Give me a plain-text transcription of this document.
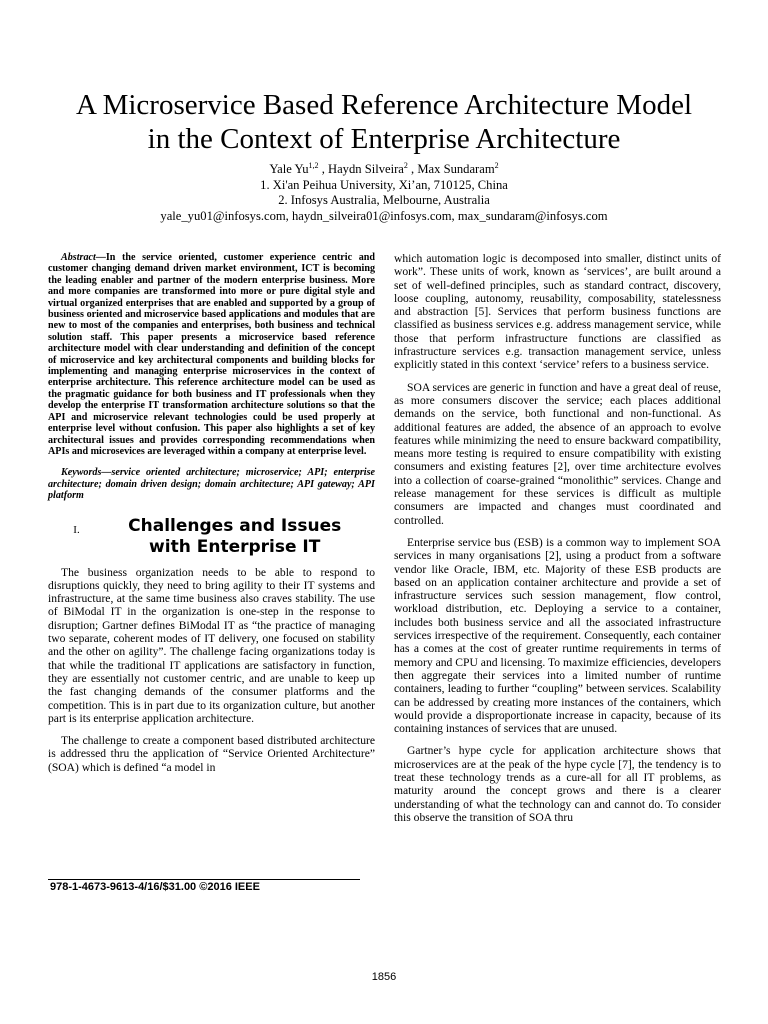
A Microservice Based Reference Architecture Model
in the Context of Enterprise Architecture
Yale Yu$^{1,2}$ , Haydn Silveira$^2$ , Max Sundaram$^2$
1. Xi'an Peihua University, Xi’an, 710125, China
2. Infosys Australia, Melbourne, Australia
yale_yu01@infosys.com, haydn_silveira01@infosys.com, max_sundaram@infosys.com

Abstract—In the service oriented, customer experience centric and customer changing demand driven market environment, ICT is becoming the leading enabler and partner of the modern enterprise business. More and more companies are transformed into more or pure digital style and virtual organized enterprises that are enabled and supported by a group of business oriented and microservice based applications and modules that are new to most of the companies and enterprises, both business and technical solution staff. This paper presents a microservice based reference architecture model with clear understanding and definition of the concept of microservice and key architectural components and building blocks for implementing and managing enterprise microservices in the context of enterprise architecture. This reference architecture model can be used as the pragmatic guidance for both business and IT professionals when they develop the enterprise IT transformation architecture solutions so that the API and microservice relevant technologies could be used properly at enterprise level without confusion. This paper also highlights a set of key architectural issues and provides corresponding recommendations when APIs and microsevices are leveraged within a company at enterprise level.

Keywords—service oriented architecture; microservice; API; enterprise architecture; domain driven design; domain architecture; API gateway; API platform

I.	Challenges and Issues with Enterprise IT

The business organization needs to be able to respond to disruptions quickly, they need to bring agility to their IT systems and infrastructure, at the same time business also craves stability. The use of BiModal IT in the organization is one-step in the response to disruption; Gartner defines BiModal IT as “the practice of managing two separate, coherent modes of IT delivery, one focused on stability and the other on agility”. The challenge facing organizations today is that while the traditional IT applications are satisfactory in function, they are essentially not customer centric, and are unable to keep up the fast changing demands of the consumer platforms and the competition. This is in part due to its organization culture, but another part is its enterprise application architecture.

The challenge to create a component based distributed architecture is addressed thru the application of “Service Oriented Architecture” (SOA) which is defined “a model in

which automation logic is decomposed into smaller, distinct units of work”. These units of work, known as ‘services’, are built around a set of well-defined principles, such as standard contract, discovery, loose coupling, autonomy, reusability, composability, statelessness and abstraction [5]. Services that perform business functions are classified as business services e.g. address management service, while those that perform infrastructure functions are classified as infrastructure services e.g. transaction management service, unless explicitly stated in this context ‘service’ refers to a business service.

SOA services are generic in function and have a great deal of reuse, as more consumers discover the service; each places additional demands on the service, both functional and non-functional. As additional features are added, the absence of an approach to evolve features while minimizing the need to ensure backward compatibility, means more testing is required to ensure compatibility with existing consumers and existing features [2], over time architecture evolves into a collection of coarse-grained “monolithic” services. Change and release management for these services is difficult as multiple consumers are impacted and changes must coordinated and controlled.

Enterprise service bus (ESB) is a common way to implement SOA services in many organisations [2], using a product from a software vendor like Oracle, IBM, etc. Majority of these ESB products are based on an application container architecture and provide a set of infrastructure services such session management, flow control, workload distribution, etc. Deploying a service to a container, includes both business service and all the associated infrastructure services irrespective of the requirement. Consequently, each container has a comes at the cost of greater runtime requirements in terms of memory and CPU and licensing. To maximize efficiencies, developers then aggregate their services into a limited number of runtime containers, leading to further “coupling” between services. Scalability can be addressed by creating more instances of the containers, which would provide a disproportionate increase in capacity, because of its containing instances of services that are unused.

Gartner’s hype cycle for application architecture shows that microservices are at the peak of the hype cycle [7], the tendency is to treat these technology trends as a cure-all for all IT problems, as maturity around the concept grows and there is a clearer understanding of what the technology can and cannot do. To consider this observe the transition of SOA thru

978-1-4673-9613-4/16/$31.00 ©2016 IEEE
1856
